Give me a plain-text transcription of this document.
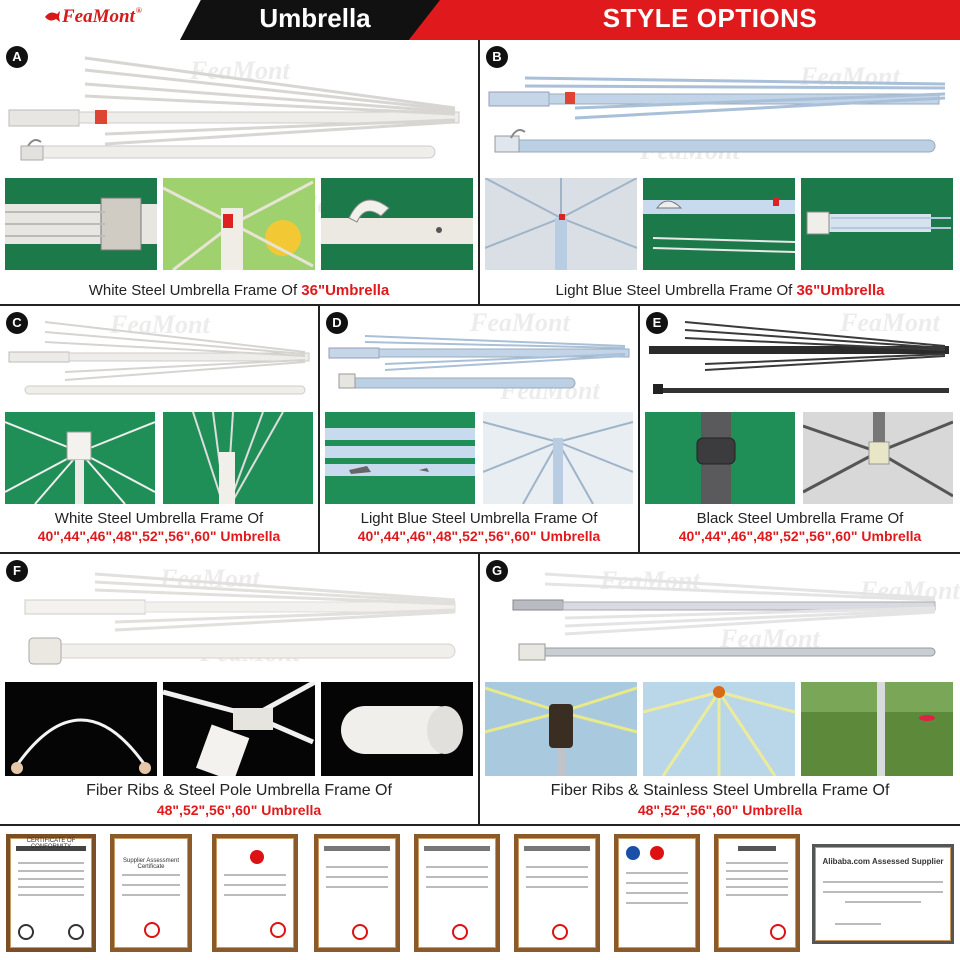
FeaMont®	Umbrella	STYLE OPTIONS
A	FeaMont
White Steel Umbrella Frame Of 36"Umbrella
B
FeaMont
Light Blue Steel Umbrella Frame Of 36"Umbrella
C	FeaMont
White Steel Umbrella Frame Of
40",44",46",48",52",56",60" Umbrella
D	FeaMont
FeaMont
Light Blue Steel Umbrella Frame Of
40",44",46",48",52",56",60" Umbrella
E	FeaMont
Black Steel Umbrella Frame Of
40",44",46",48",52",56",60" Umbrella
F	FeaMont
Fiber Ribs & Steel Pole Umbrella Frame Of
48",52",56",60" Umbrella
G
FeaMont
FeaMont
Fiber Ribs & Stainless Steel Umbrella Frame Of
48",52",56",60" Umbrella
CERTIFICATE OF CONFORMITY
Supplier Assessment Certificate
Alibaba.com Assessed Supplier
